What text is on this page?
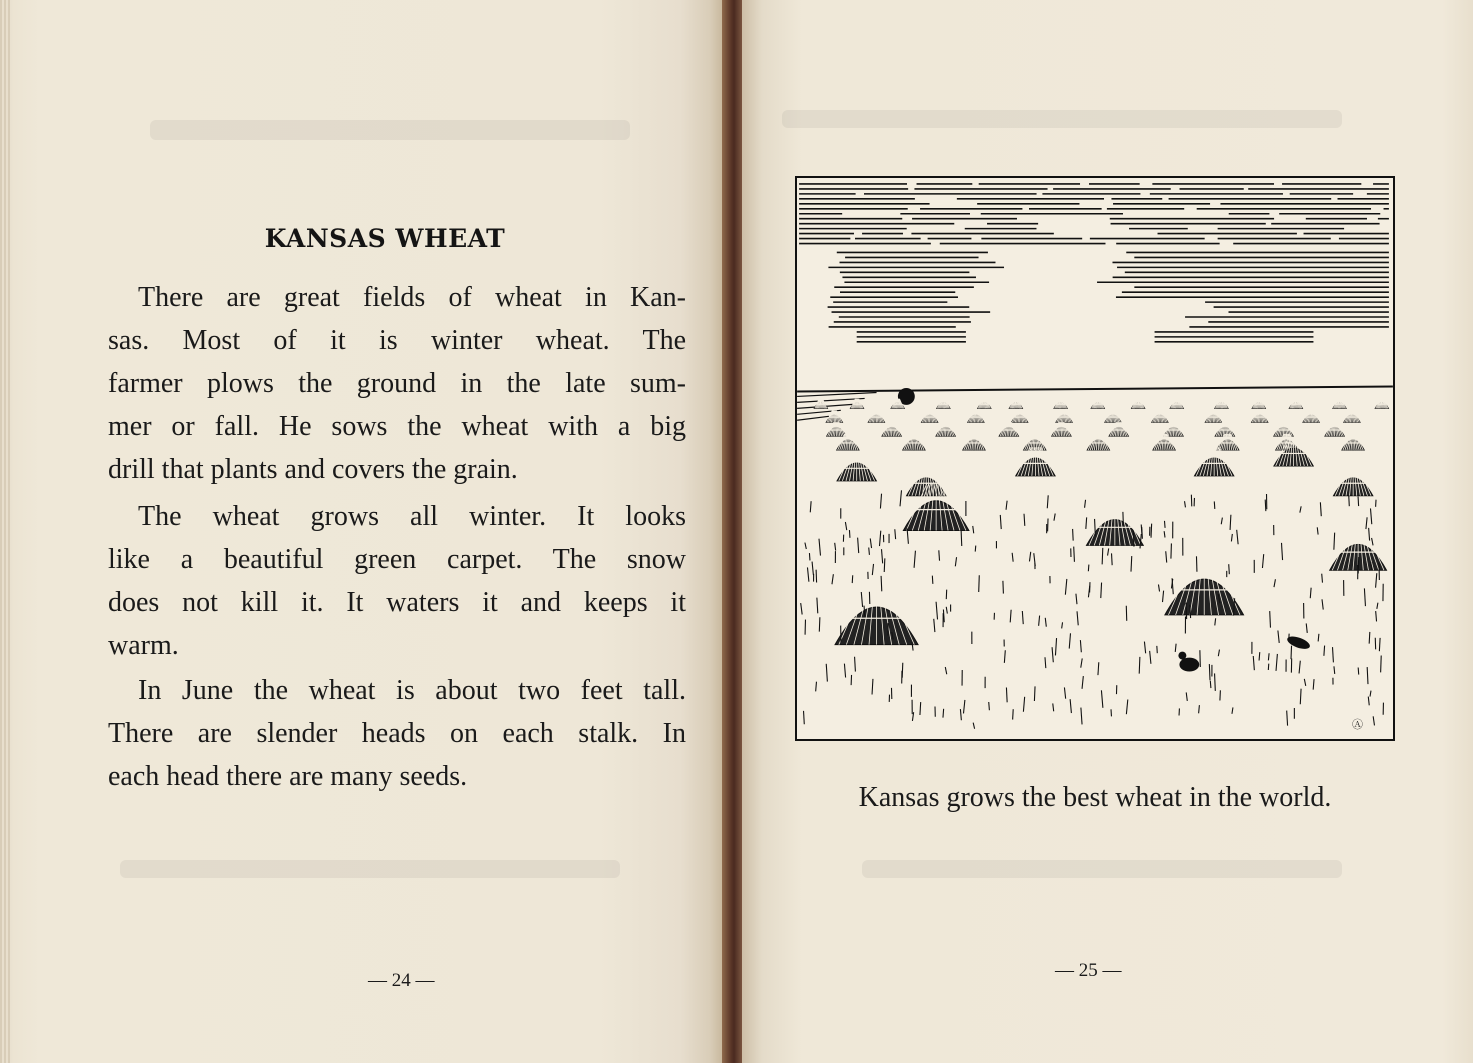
KANSAS WHEAT

There are great fields of wheat in Kan-
sas. Most of it is winter wheat. The
farmer plows the ground in the late sum-
mer or fall. He sows the wheat with a big
drill that plants and covers the grain.

The wheat grows all winter. It looks
like a beautiful green carpet. The snow
does not kill it. It waters it and keeps it
warm.

In June the wheat is about two feet tall.
There are slender heads on each stalk. In
each head there are many seeds.

— 24 —
Ⓐ
Kansas grows the best wheat in the world.
— 25 —
